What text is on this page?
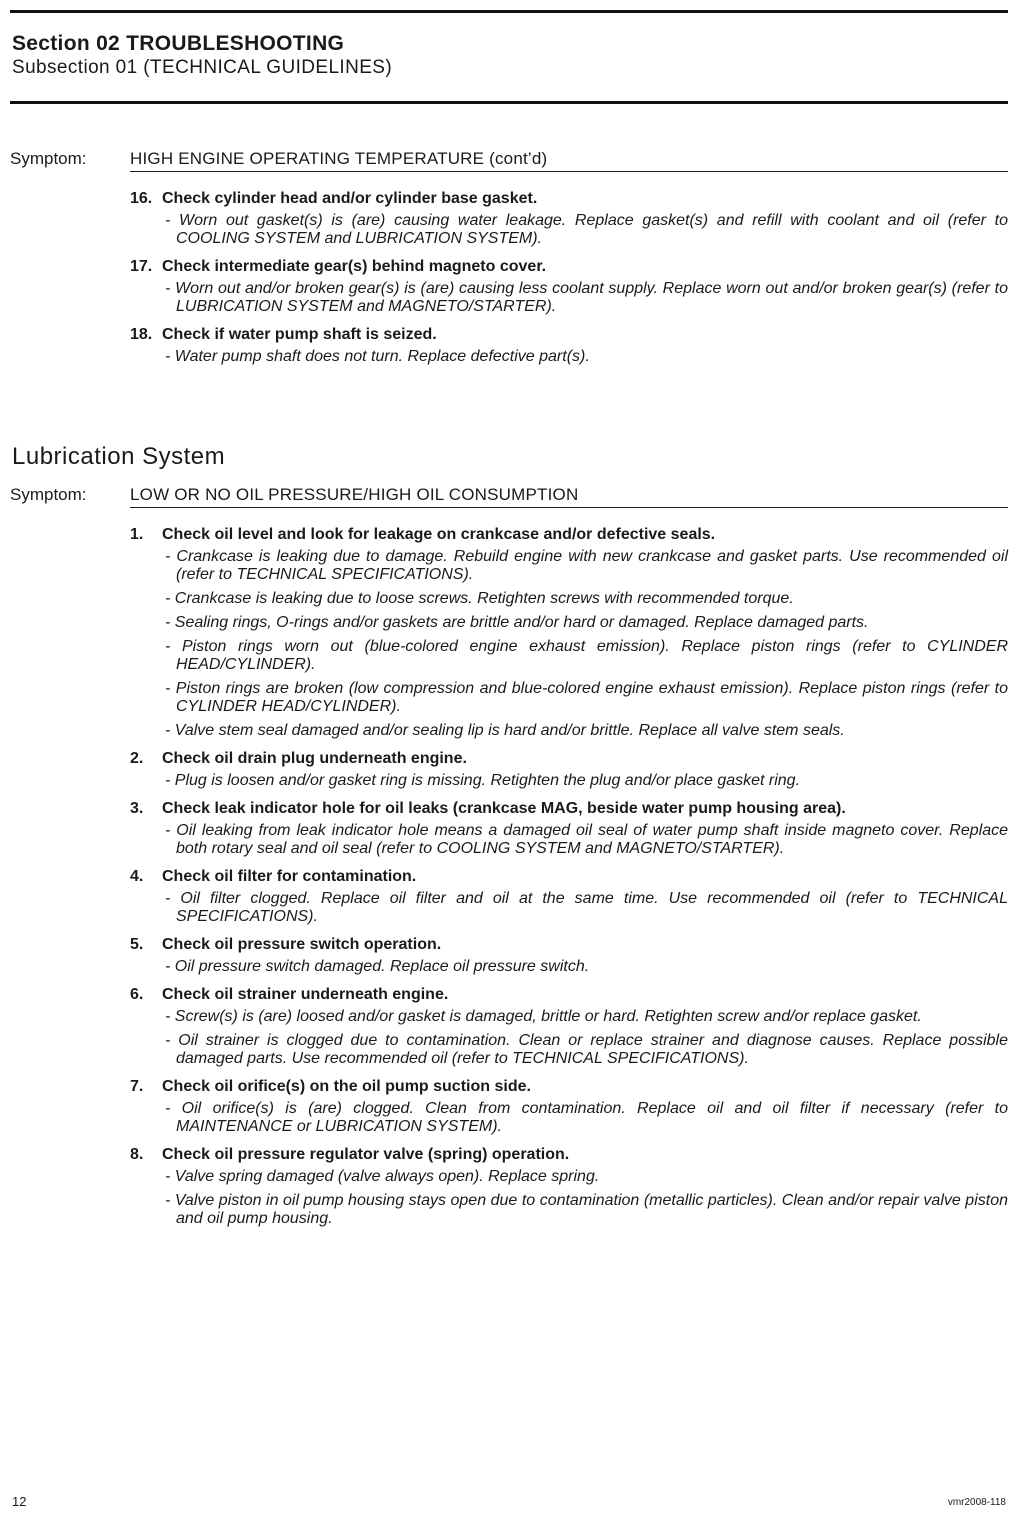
Section 02 TROUBLESHOOTING
Subsection 01 (TECHNICAL GUIDELINES)
Symptom:	HIGH ENGINE OPERATING TEMPERATURE (cont’d)
16. Check cylinder head and/or cylinder base gasket.
- Worn out gasket(s) is (are) causing water leakage. Replace gasket(s) and refill with coolant and oil (refer to COOLING SYSTEM and LUBRICATION SYSTEM).
17. Check intermediate gear(s) behind magneto cover.
- Worn out and/or broken gear(s) is (are) causing less coolant supply. Replace worn out and/or broken gear(s) (refer to LUBRICATION SYSTEM and MAGNETO/STARTER).
18. Check if water pump shaft is seized.
- Water pump shaft does not turn. Replace defective part(s).
Lubrication System
Symptom:	LOW OR NO OIL PRESSURE/HIGH OIL CONSUMPTION
1. Check oil level and look for leakage on crankcase and/or defective seals.
- Crankcase is leaking due to damage. Rebuild engine with new crankcase and gasket parts. Use recommended oil (refer to TECHNICAL SPECIFICATIONS).
- Crankcase is leaking due to loose screws. Retighten screws with recommended torque.
- Sealing rings, O-rings and/or gaskets are brittle and/or hard or damaged. Replace damaged parts.
- Piston rings worn out (blue-colored engine exhaust emission). Replace piston rings (refer to CYLINDER HEAD/CYLINDER).
- Piston rings are broken (low compression and blue-colored engine exhaust emission). Replace piston rings (refer to CYLINDER HEAD/CYLINDER).
- Valve stem seal damaged and/or sealing lip is hard and/or brittle. Replace all valve stem seals.
2. Check oil drain plug underneath engine.
- Plug is loosen and/or gasket ring is missing. Retighten the plug and/or place gasket ring.
3. Check leak indicator hole for oil leaks (crankcase MAG, beside water pump housing area).
- Oil leaking from leak indicator hole means a damaged oil seal of water pump shaft inside magneto cover. Replace both rotary seal and oil seal (refer to COOLING SYSTEM and MAGNETO/STARTER).
4. Check oil filter for contamination.
- Oil filter clogged. Replace oil filter and oil at the same time. Use recommended oil (refer to TECHNICAL SPECIFICATIONS).
5. Check oil pressure switch operation.
- Oil pressure switch damaged. Replace oil pressure switch.
6. Check oil strainer underneath engine.
- Screw(s) is (are) loosed and/or gasket is damaged, brittle or hard. Retighten screw and/or replace gasket.
- Oil strainer is clogged due to contamination. Clean or replace strainer and diagnose causes. Replace possible damaged parts. Use recommended oil (refer to TECHNICAL SPECIFICATIONS).
7. Check oil orifice(s) on the oil pump suction side.
- Oil orifice(s) is (are) clogged. Clean from contamination. Replace oil and oil filter if necessary (refer to MAINTENANCE or LUBRICATION SYSTEM).
8. Check oil pressure regulator valve (spring) operation.
- Valve spring damaged (valve always open). Replace spring.
- Valve piston in oil pump housing stays open due to contamination (metallic particles). Clean and/or repair valve piston and oil pump housing.
12	vmr2008-118
